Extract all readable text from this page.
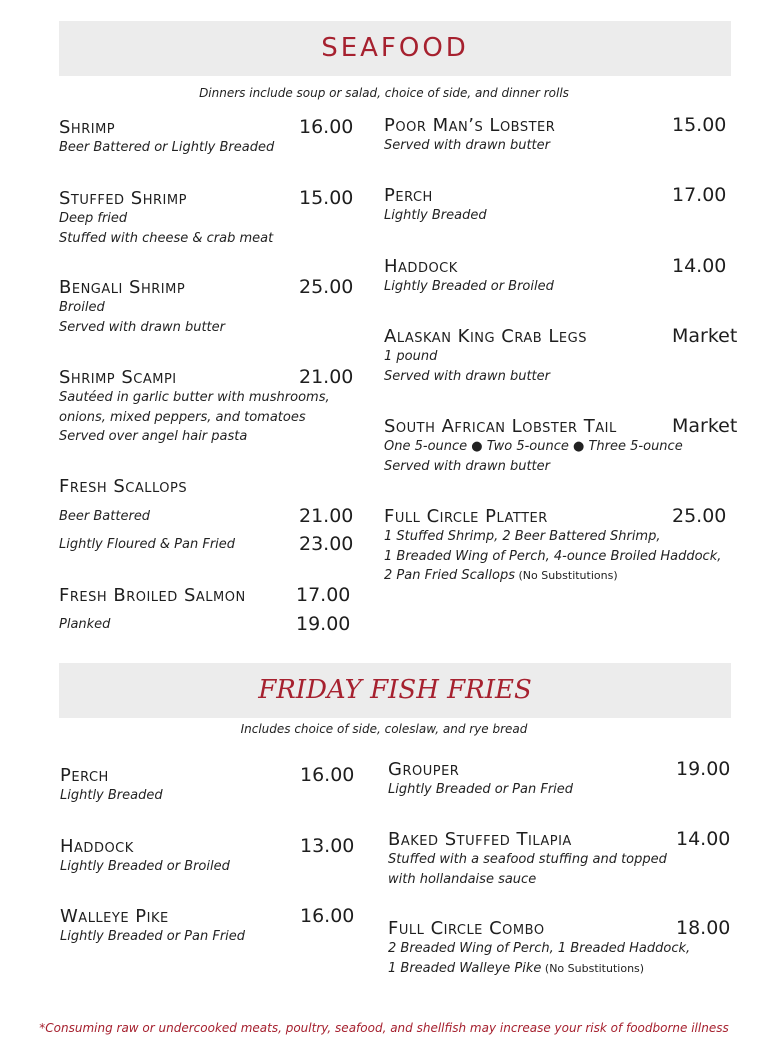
SEAFOOD
Dinners include soup or salad, choice of side, and dinner rolls
Shrimp
Beer Battered or Lightly Breaded
16.00
Stuffed Shrimp
Deep fried
Stuffed with cheese & crab meat
15.00
Bengali Shrimp
Broiled
Served with drawn butter
25.00
Shrimp Scampi
Sautéed in garlic butter with mushrooms,
onions, mixed peppers, and tomatoes
Served over angel hair pasta
21.00
Fresh Scallops
Beer Battered	21.00
Lightly Floured & Pan Fried	23.00
Fresh Broiled Salmon	17.00
Planked	19.00
Poor Man’s Lobster
Served with drawn butter
15.00
Perch
Lightly Breaded
17.00
Haddock
Lightly Breaded or Broiled
14.00
Alaskan King Crab Legs
1 pound
Served with drawn butter
Market
South African Lobster Tail
One 5-ounce ● Two 5-ounce ● Three 5-ounce
Served with drawn butter
Market
Full Circle Platter
1 Stuffed Shrimp, 2 Beer Battered Shrimp,
1 Breaded Wing of Perch, 4-ounce Broiled Haddock,
2 Pan Fried Scallops (No Substitutions)
25.00
FRIDAY FISH FRIES
Includes choice of side, coleslaw, and rye bread
Perch
Lightly Breaded
16.00
Haddock
Lightly Breaded or Broiled
13.00
Walleye Pike
Lightly Breaded or Pan Fried
16.00
Grouper
Lightly Breaded or Pan Fried
19.00
Baked Stuffed Tilapia
Stuffed with a seafood stuffing and topped
with hollandaise sauce
14.00
Full Circle Combo
2 Breaded Wing of Perch, 1 Breaded Haddock,
1 Breaded Walleye Pike (No Substitutions)
18.00
*Consuming raw or undercooked meats, poultry, seafood, and shellfish may increase your risk of foodborne illness
